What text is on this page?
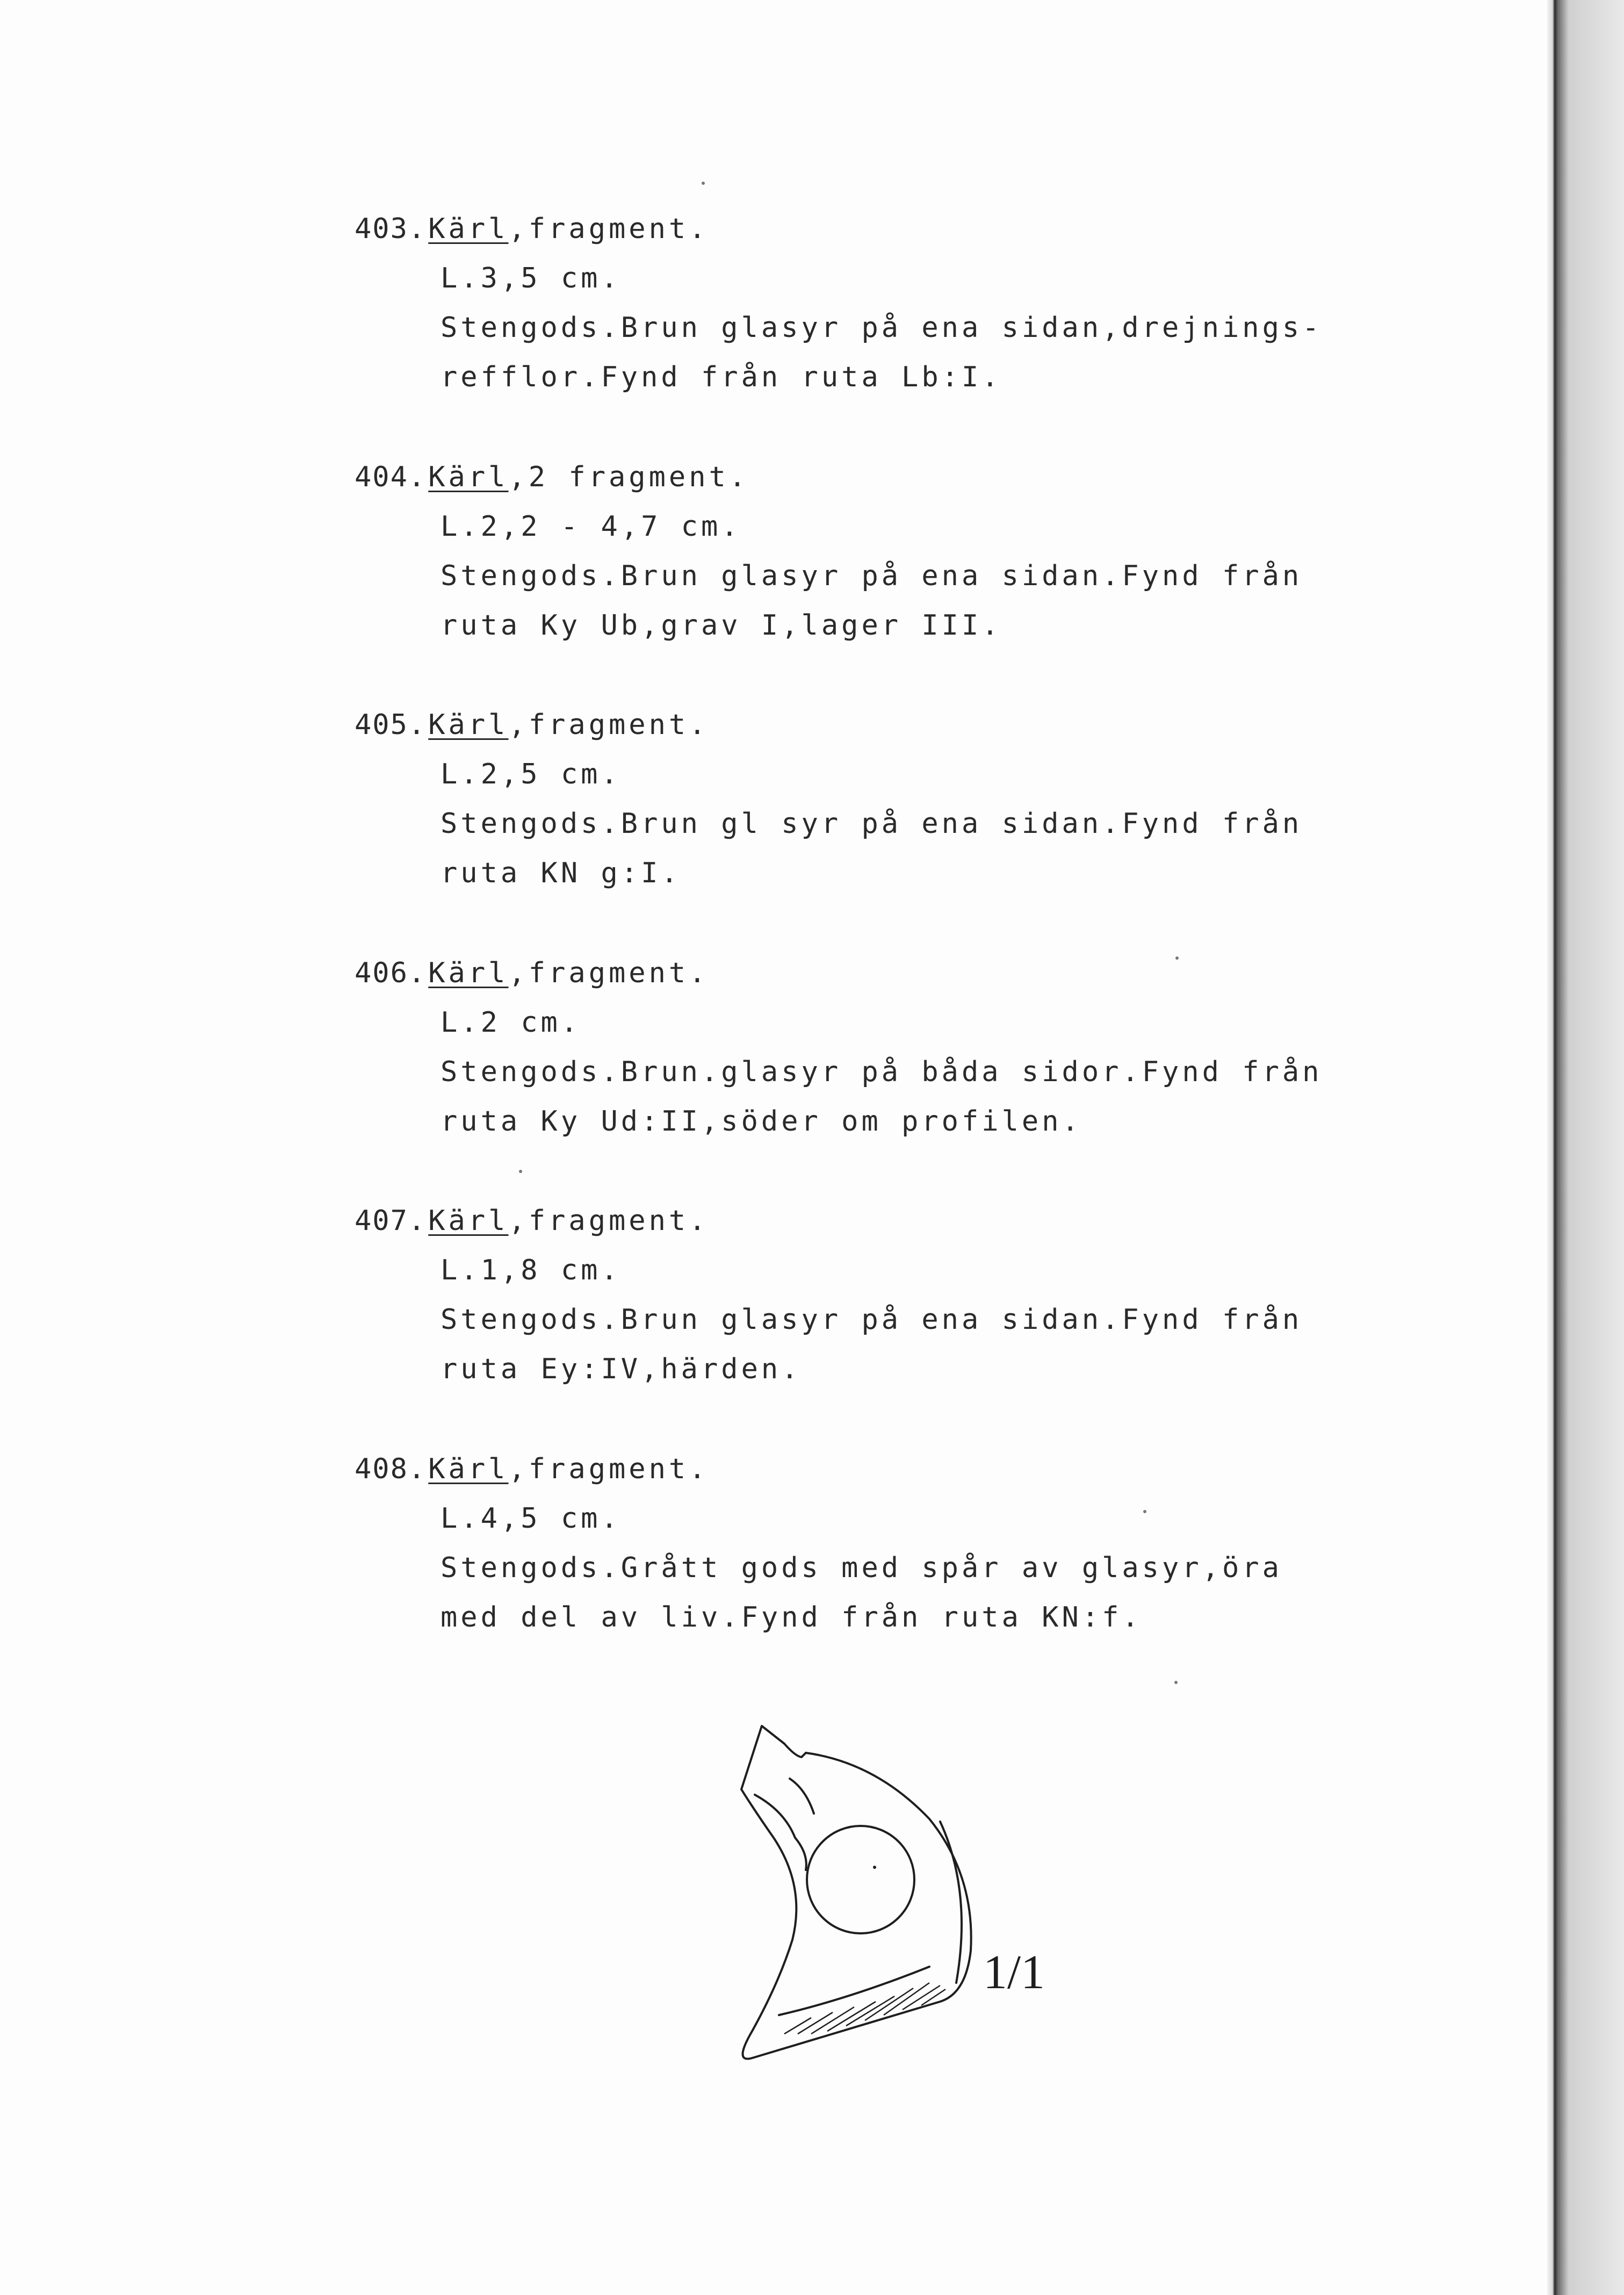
403.Kärl,fragment.
L.3,5 cm.
Stengods.Brun glasyr på ena sidan,drejnings-
refflor.Fynd från ruta Lb:I.
404.Kärl,2 fragment.
L.2,2 - 4,7 cm.
Stengods.Brun glasyr på ena sidan.Fynd från
ruta Ky Ub,grav I,lager III.
405.Kärl,fragment.
L.2,5 cm.
Stengods.Brun gl syr på ena sidan.Fynd från
ruta KN g:I.
406.Kärl,fragment.
L.2 cm.
Stengods.Brun.glasyr på båda sidor.Fynd från
ruta Ky Ud:II,söder om profilen.
407.Kärl,fragment.
L.1,8 cm.
Stengods.Brun glasyr på ena sidan.Fynd från
ruta Ey:IV,härden.
408.Kärl,fragment.
L.4,5 cm.
Stengods.Grått gods med spår av glasyr,öra
med del av liv.Fynd från ruta KN:f.
1/1
